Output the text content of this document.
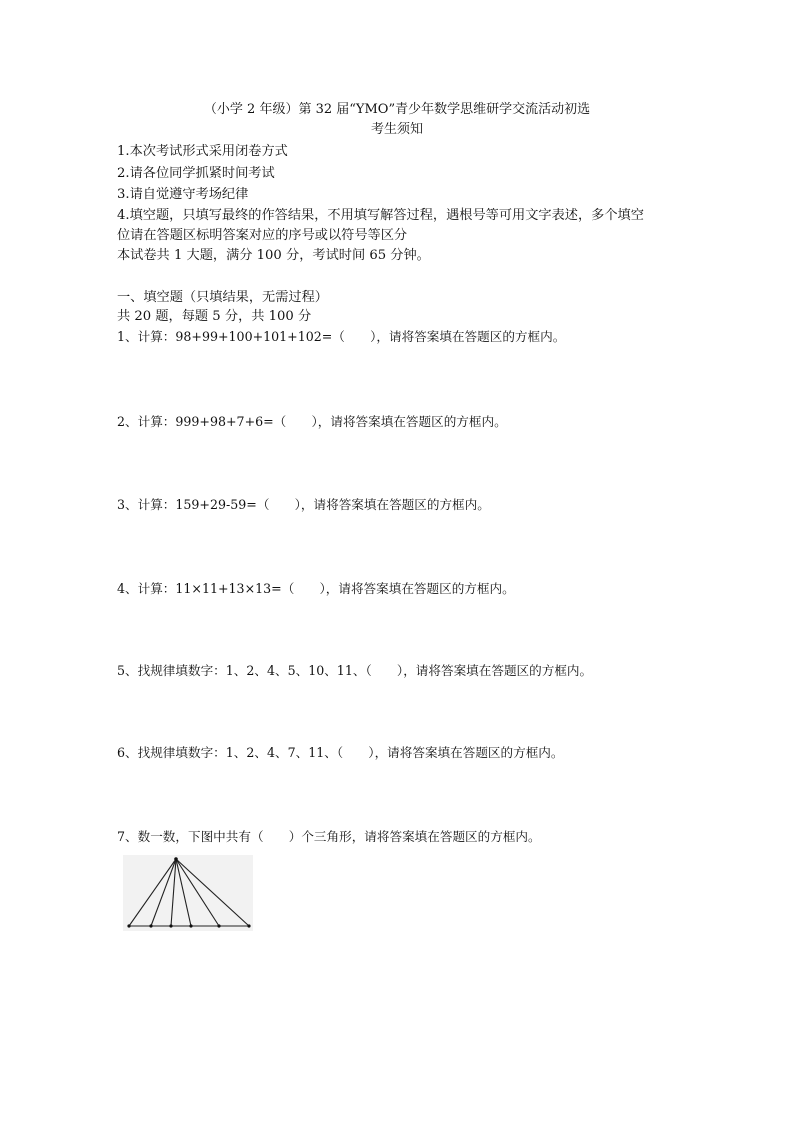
（小学 2 年级）第 32 届“YMO”青少年数学思维研学交流活动初选
考生须知
1.本次考试形式采用闭卷方式
2.请各位同学抓紧时间考试
3.请自觉遵守考场纪律
4.填空题，只填写最终的作答结果，不用填写解答过程，遇根号等可用文字表述，多个填空
位请在答题区标明答案对应的序号或以符号等区分
本试卷共 1 大题，满分 100 分，考试时间 65 分钟。
一、填空题（只填结果，无需过程）
共 20 题，每题 5 分，共 100 分
1、计算：98+99+100+101+102=（　　），请将答案填在答题区的方框内。
2、计算：999+98+7+6=（　　），请将答案填在答题区的方框内。
3、计算：159+29-59=（　　），请将答案填在答题区的方框内。
4、计算：11×11+13×13=（　　），请将答案填在答题区的方框内。
5、找规律填数字：1、2、4、5、10、11、（　　），请将答案填在答题区的方框内。
6、找规律填数字：1、2、4、7、11、（　　），请将答案填在答题区的方框内。
7、数一数，下图中共有（　　）个三角形，请将答案填在答题区的方框内。
